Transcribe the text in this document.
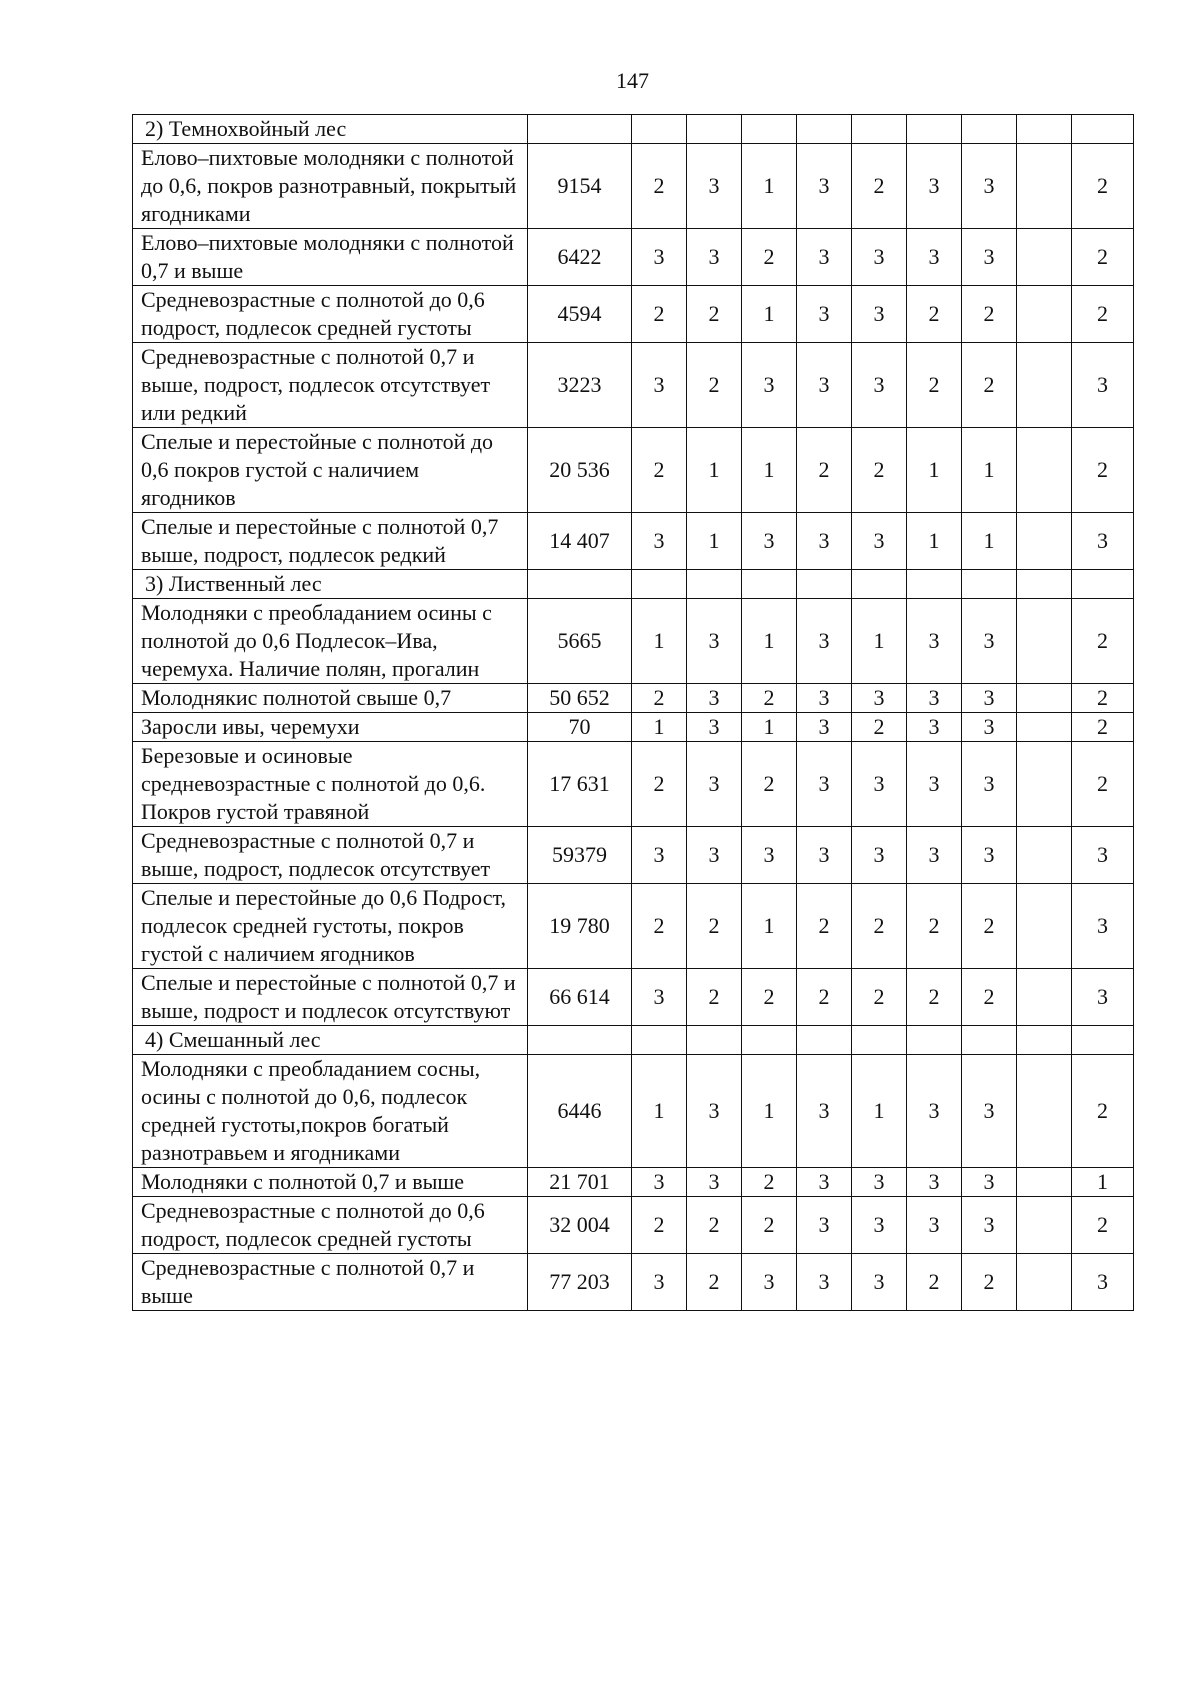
147
2) Темнохвойный лес										
Елово–пихтовые молодняки с полнотой до 0,6, покров разнотравный, покрытый ягодниками	9154	2	3	1	3	2	3	3		2
Елово–пихтовые молодняки с полнотой 0,7 и выше	6422	3	3	2	3	3	3	3		2
Средневозрастные с полнотой до 0,6 подрост, подлесок средней густоты	4594	2	2	1	3	3	2	2		2
Средневозрастные с полнотой 0,7 и выше, подрост, подлесок отсутствует или редкий	3223	3	2	3	3	3	2	2		3
Спелые и перестойные с полнотой до 0,6 покров густой с наличием ягодников	20 536	2	1	1	2	2	1	1		2
Спелые и перестойные с полнотой 0,7 выше, подрост, подлесок редкий	14 407	3	1	3	3	3	1	1		3
3) Лиственный лес										
Молодняки с преобладанием осины с полнотой до 0,6 Подлесок–Ива, черемуха. Наличие полян, прогалин	5665	1	3	1	3	1	3	3		2
Молоднякис полнотой свыше 0,7	50 652	2	3	2	3	3	3	3		2
Заросли ивы, черемухи	70	1	3	1	3	2	3	3		2
Березовые и осиновые средневозрастные с полнотой до 0,6. Покров густой травяной	17 631	2	3	2	3	3	3	3		2
Средневозрастные с полнотой 0,7 и выше, подрост, подлесок отсутствует	59379	3	3	3	3	3	3	3		3
Спелые и перестойные до 0,6 Подрост, подлесок средней густоты, покров густой с наличием ягодников	19 780	2	2	1	2	2	2	2		3
Спелые и перестойные с полнотой 0,7 и выше, подрост и подлесок отсутствуют	66 614	3	2	2	2	2	2	2		3
4) Смешанный лес										
Молодняки с преобладанием сосны, осины с полнотой до 0,6, подлесок средней густоты,покров богатый разнотравьем и ягодниками	6446	1	3	1	3	1	3	3		2
Молодняки с полнотой 0,7 и выше	21 701	3	3	2	3	3	3	3		1
Средневозрастные с полнотой до 0,6 подрост, подлесок средней густоты	32 004	2	2	2	3	3	3	3		2
Средневозрастные с полнотой 0,7 и выше	77 203	3	2	3	3	3	2	2		3
